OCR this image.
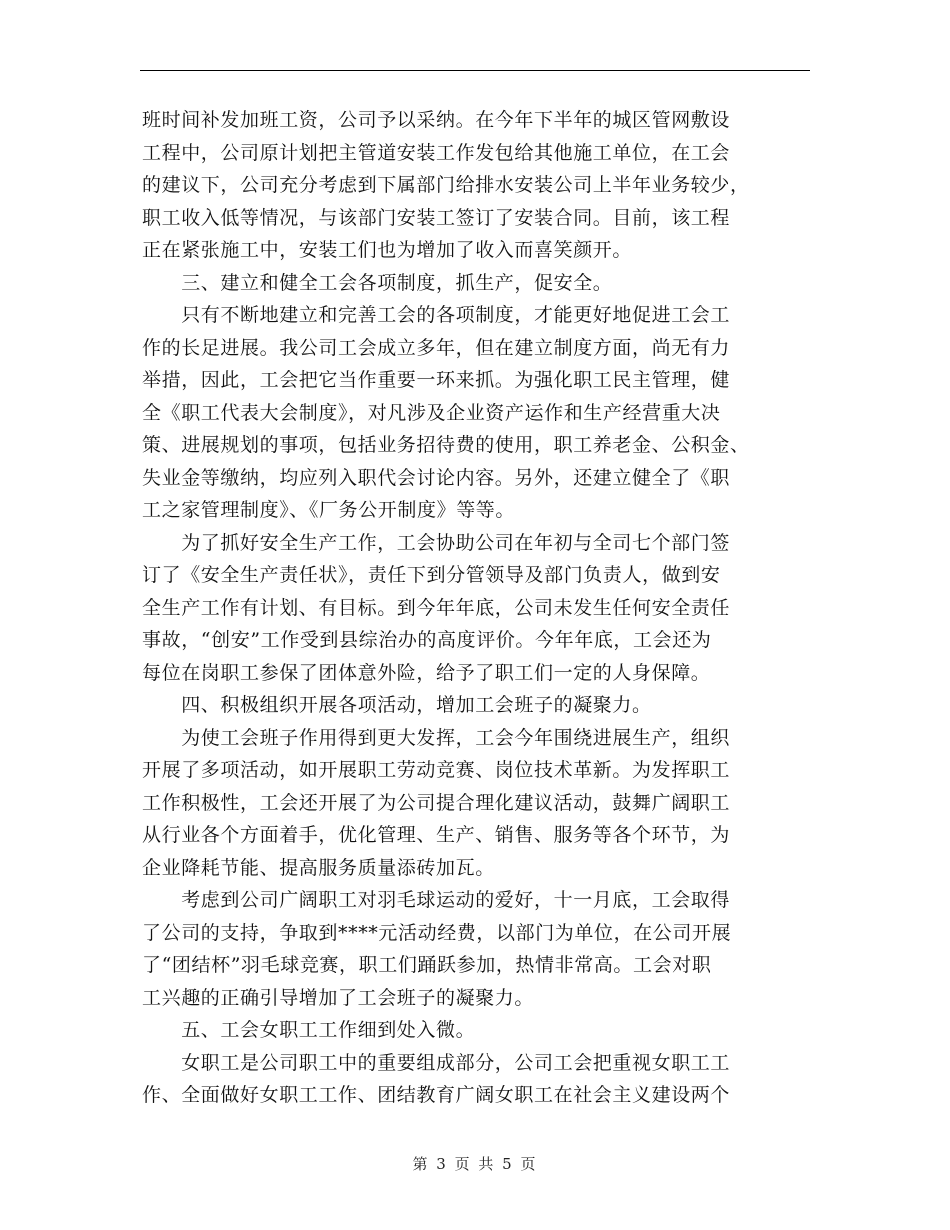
班时间补发加班工资，公司予以采纳。在今年下半年的城区管网敷设
工程中，公司原计划把主管道安装工作发包给其他施工单位，在工会
的建议下，公司充分考虑到下属部门给排水安装公司上半年业务较少，
职工收入低等情况，与该部门安装工签订了安装合同。目前，该工程
正在紧张施工中，安装工们也为增加了收入而喜笑颜开。
　　三、建立和健全工会各项制度，抓生产，促安全。
　　只有不断地建立和完善工会的各项制度，才能更好地促进工会工
作的长足进展。我公司工会成立多年，但在建立制度方面，尚无有力
举措，因此，工会把它当作重要一环来抓。为强化职工民主管理，健
全《职工代表大会制度》，对凡涉及企业资产运作和生产经营重大决
策、进展规划的事项，包括业务招待费的使用，职工养老金、公积金、
失业金等缴纳，均应列入职代会讨论内容。另外，还建立健全了《职
工之家管理制度》、《厂务公开制度》等等。
　　为了抓好安全生产工作，工会协助公司在年初与全司七个部门签
订了《安全生产责任状》，责任下到分管领导及部门负责人，做到安
全生产工作有计划、有目标。到今年年底，公司未发生任何安全责任
事故，“创安”工作受到县综治办的高度评价。今年年底，工会还为
每位在岗职工参保了团体意外险，给予了职工们一定的人身保障。
　　四、积极组织开展各项活动，增加工会班子的凝聚力。
　　为使工会班子作用得到更大发挥，工会今年围绕进展生产，组织
开展了多项活动，如开展职工劳动竞赛、岗位技术革新。为发挥职工
工作积极性，工会还开展了为公司提合理化建议活动，鼓舞广阔职工
从行业各个方面着手，优化管理、生产、销售、服务等各个环节，为
企业降耗节能、提高服务质量添砖加瓦。
　　考虑到公司广阔职工对羽毛球运动的爱好，十一月底，工会取得
了公司的支持，争取到****元活动经费，以部门为单位，在公司开展
了“团结杯”羽毛球竞赛，职工们踊跃参加，热情非常高。工会对职
工兴趣的正确引导增加了工会班子的凝聚力。
　　五、工会女职工工作细到处入微。
　　女职工是公司职工中的重要组成部分，公司工会把重视女职工工
作、全面做好女职工工作、团结教育广阔女职工在社会主义建设两个
第 3 页 共 5 页
